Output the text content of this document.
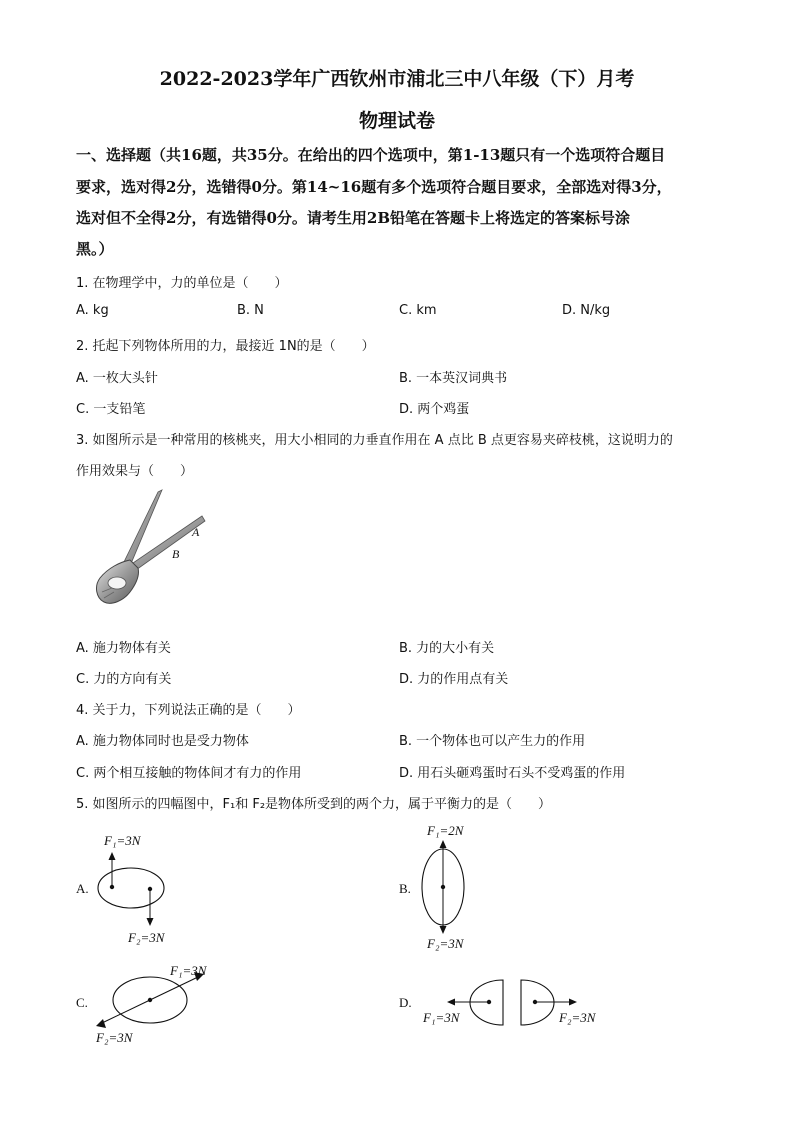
2022-2023学年广西钦州市浦北三中八年级（下）月考
物理试卷
一、选择题（共16题，共35分。在给出的四个选项中，第1-13题只有一个选项符合题目
要求，选对得2分，选错得0分。第14~16题有多个选项符合题目要求，全部选对得3分，
选对但不全得2分，有选错得0分。请考生用2B铅笔在答题卡上将选定的答案标号涂
黑。）
1. 在物理学中，力的单位是（　　）
A. kg	B. N	C. km	D. N/kg
2. 托起下列物体所用的力，最接近 1N的是（　　）
A. 一枚大头针	B. 一本英汉词典书
C. 一支铅笔	D. 两个鸡蛋
3. 如图所示是一种常用的核桃夹，用大小相同的力垂直作用在 A 点比 B 点更容易夹碎枝桃，这说明力的
作用效果与（　　）
A
B
A. 施力物体有关	B. 力的大小有关
C. 力的方向有关	D. 力的作用点有关
4. 关于力，下列说法正确的是（　　）
A. 施力物体同时也是受力物体	B. 一个物体也可以产生力的作用
C. 两个相互接触的物体间才有力的作用	D. 用石头砸鸡蛋时石头不受鸡蛋的作用
5. 如图所示的四幅图中，F₁和 F₂是物体所受到的两个力，属于平衡力的是（　　）
A.
F₁=3N
F₂=3N
B.
F₁=2N
F₂=3N
C.
F₁=3N
F₂=3N
D.
F₁=3N	F₂=3N
